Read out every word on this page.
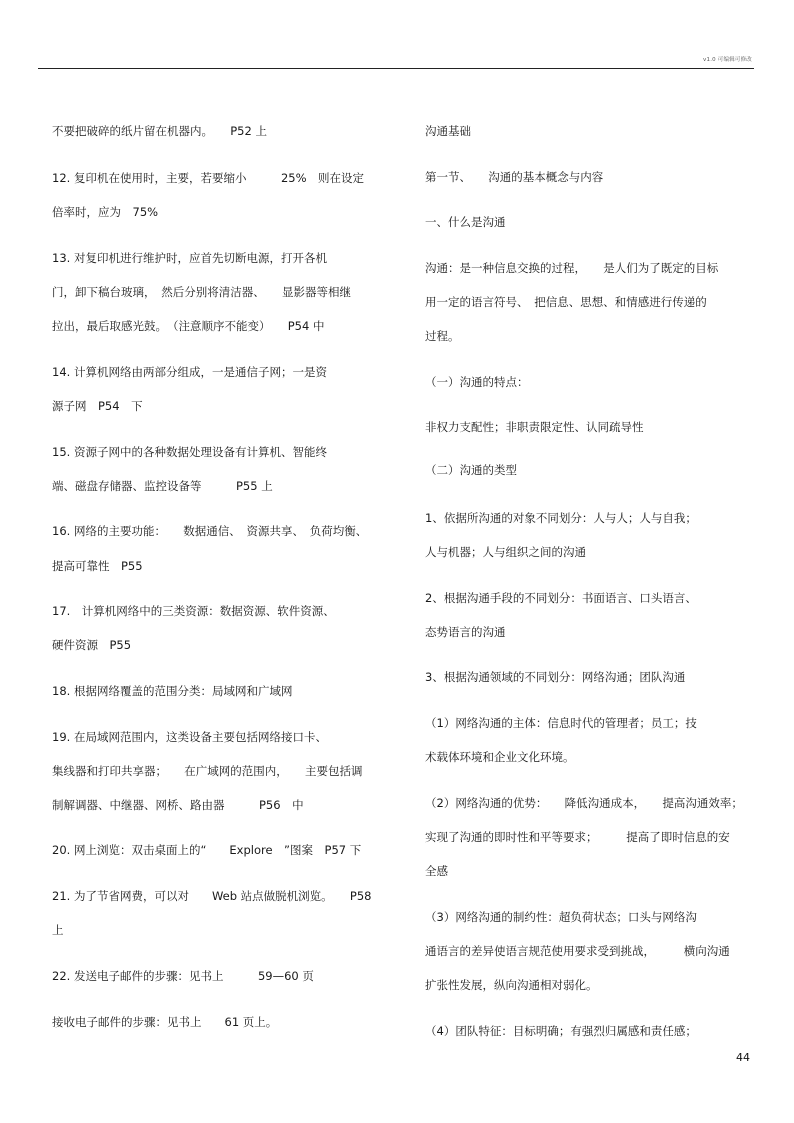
v1.0 可编辑可修改
不要把破碎的纸片留在机器内。　　P52 上
12. 复印机在使用时，主要，若要缩小　　　25%　则在设定
倍率时，应为　75%
13. 对复印机进行维护时，应首先切断电源，打开各机
门，卸下稿台玻璃，　然后分别将清洁器、　　显影器等相继
拉出，最后取感光鼓。　（注意顺序不能变）　　P54 中
14. 计算机网络由两部分组成，一是通信子网；一是资
源子网　P54　下
15. 资源子网中的各种数据处理设备有计算机、智能终
端、磁盘存储器、监控设备等　　　P55 上
16. 网络的主要功能：　　数据通信、　资源共享、　负荷均衡、
提高可靠性　P55
17.　计算机网络中的三类资源：数据资源、软件资源、
硬件资源　P55
18. 根据网络覆盖的范围分类：局域网和广域网
19. 在局域网范围内，这类设备主要包括网络接口卡、
集线器和打印共享器；　　在广域网的范围内，　　主要包括调
制解调器、中继器、网桥、路由器　　　P56　中
20. 网上浏览：双击桌面上的“　　Explore　”图案　P57 下
21. 为了节省网费，可以对　　Web 站点做脱机浏览。　　P58
上
22. 发送电子邮件的步骤：见书上　　　59—60 页
接收电子邮件的步骤：见书上　　61 页上。
沟通基础
第一节、　　沟通的基本概念与内容
一、什么是沟通
沟通：是一种信息交换的过程，　　是人们为了既定的目标
用一定的语言符号、　把信息、思想、和情感进行传递的
过程。
（一）沟通的特点：
非权力支配性；非职责限定性、认同疏导性
（二）沟通的类型
1、依据所沟通的对象不同划分：人与人；人与自我；
人与机器；人与组织之间的沟通
2、根据沟通手段的不同划分：书面语言、口头语言、
态势语言的沟通
3、根据沟通领域的不同划分：网络沟通；团队沟通
（1）网络沟通的主体：信息时代的管理者；员工；技
术载体环境和企业文化环境。
（2）网络沟通的优势：　　降低沟通成本，　　提高沟通效率；
实现了沟通的即时性和平等要求；　　　提高了即时信息的安
全感
（3）网络沟通的制约性：超负荷状态；口头与网络沟
通语言的差异使语言规范使用要求受到挑战，　　　横向沟通
扩张性发展，纵向沟通相对弱化。
（4）团队特征：目标明确；有强烈归属感和责任感；
44
